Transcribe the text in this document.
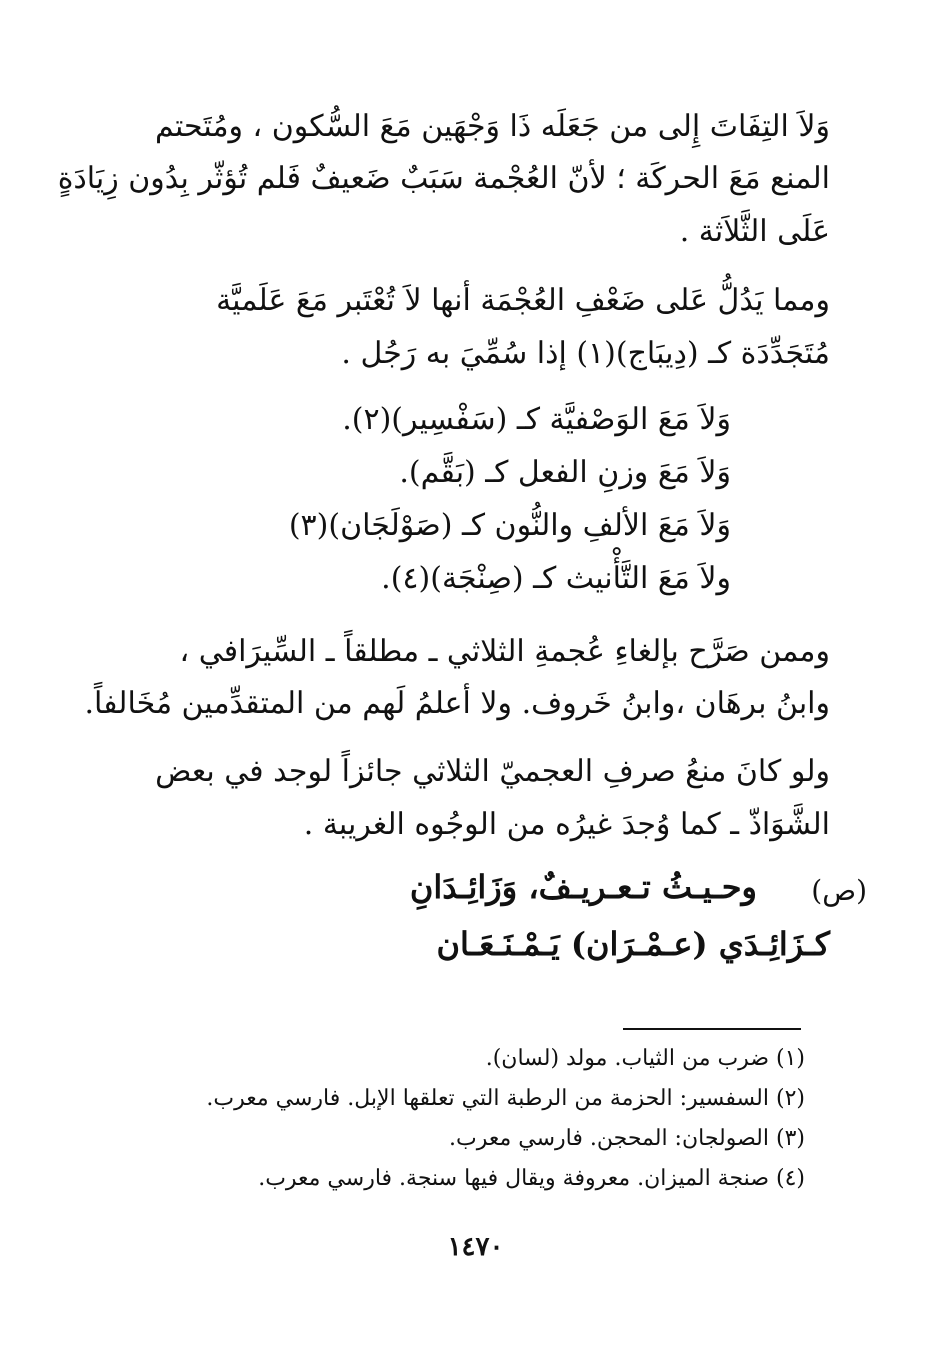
وَلاَ التِفَاتَ إِلى من جَعَلَه ذَا وَجْهَين مَعَ السُّكون ، ومُتَحتم
المنع مَعَ الحركَة ؛ لأنّ العُجْمة سَبَبٌ ضَعيفٌ فَلم تُؤثّر بِدُون زِيَادَةٍ
عَلَى الثَّلاَثة .
ومما يَدُلُّ عَلى ضَعْفِ العُجْمَة أنها لاَ تُعْتَبر مَعَ عَلَميَّة
مُتَجَدِّدَة كـ (دِيبَاج)(١) إذا سُمِّيَ به رَجُل .
وَلاَ مَعَ الوَصْفيَّة كـ (سَفْسِير)(٢).
وَلاَ مَعَ وزنِ الفعل كـ (بَقَّم).
وَلاَ مَعَ الألفِ والنُّون كـ (صَوْلَجَان)(٣)
ولاَ مَعَ التَّأْنيث كـ (صِنْجَة)(٤).
وممن صَرَّح بإلغاءِ عُجمةِ الثلاثي ـ مطلقاً ـ السِّيرَافي ،
وابنُ برهَان ،وابنُ خَروف. ولا أعلمُ لَهم من المتقدِّمين مُخَالفاً.
ولو كانَ منعُ صرفِ العجميّ الثلاثي جائزاً لوجد في بعض
الشَّوَاذّ ـ كما وُجدَ غيرُه من الوجُوه الغريبة .
(ص)
وحـيـثُ تـعـريـفٌ، وَزَائِـدَانِ
كـزَائِـدَي (عـمْـرَان) يَـمْـنَـعَـان
(١) ضرب من الثياب. مولد (لسان).
(٢) السفسير: الحزمة من الرطبة التي تعلقها الإبل. فارسي معرب.
(٣) الصولجان: المحجن. فارسي معرب.
(٤) صنجة الميزان. معروفة ويقال فيها سنجة. فارسي معرب.
١٤٧٠
